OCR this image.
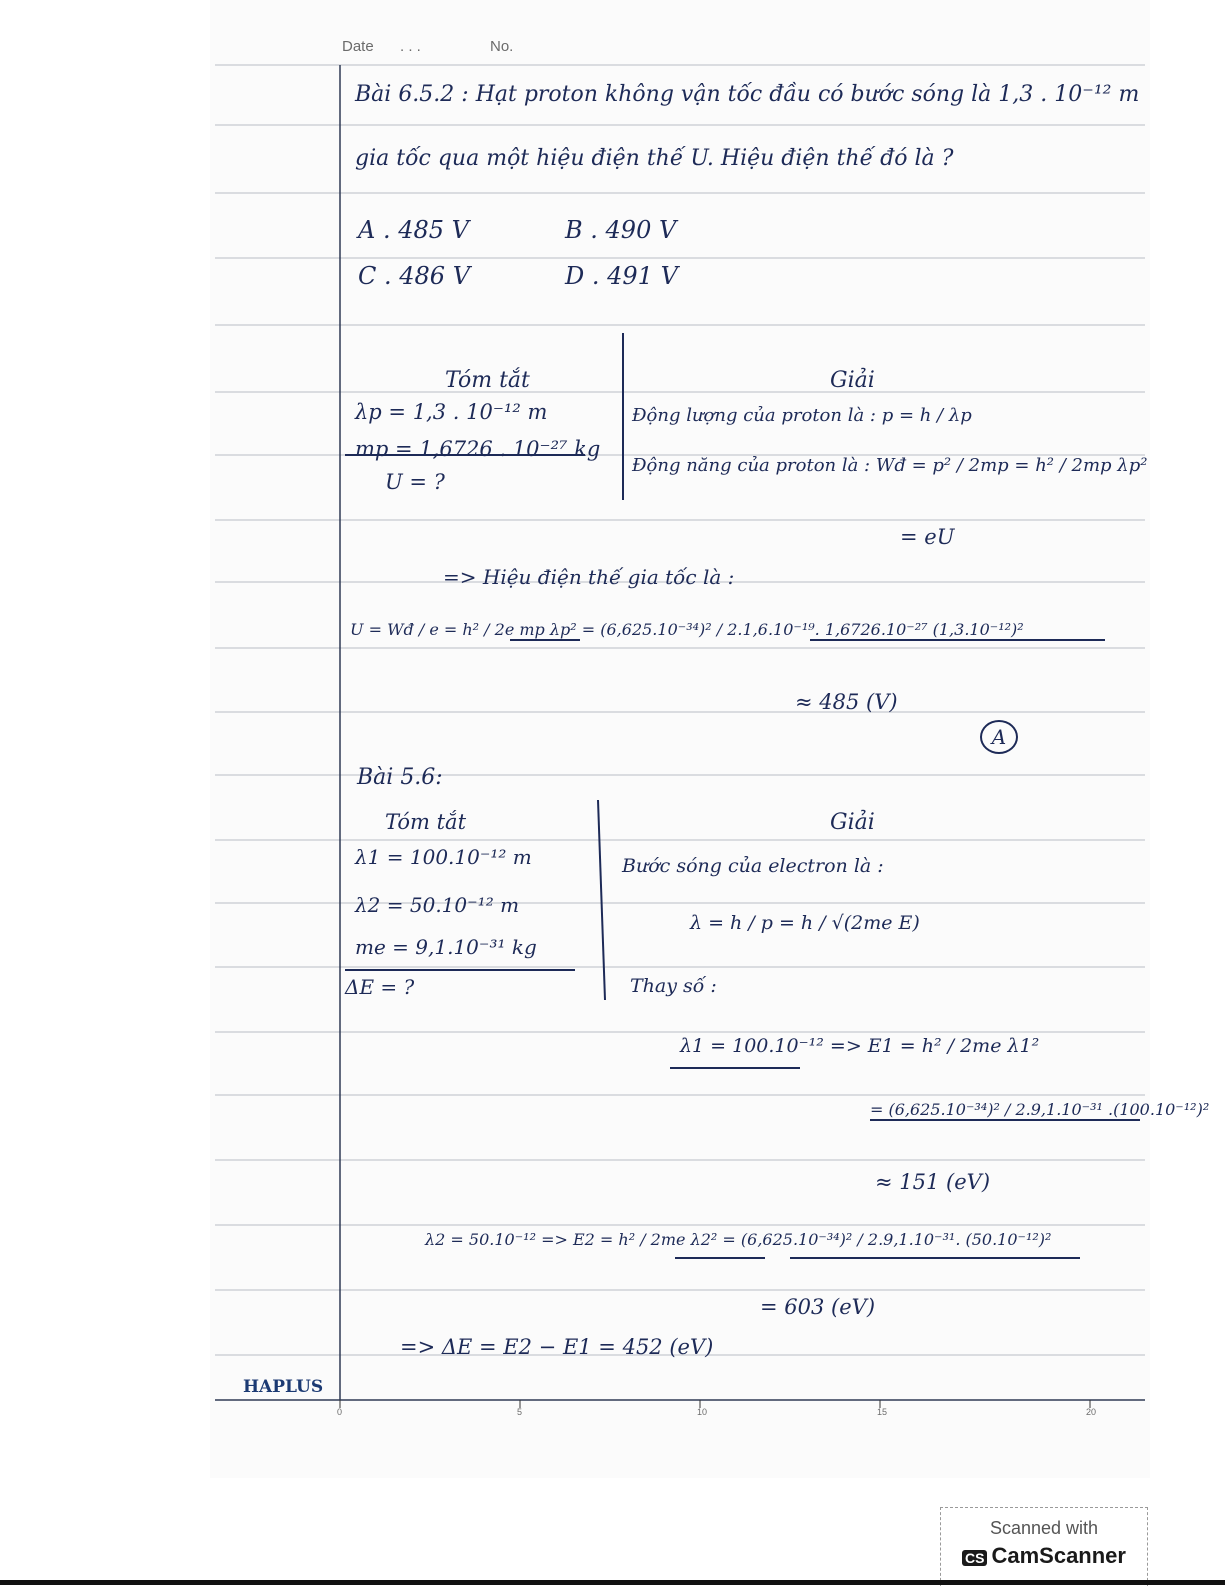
Date . . .	No.
Bài 6.5.2 : Hạt proton không vận tốc đầu có bước sóng là 1,3 . 10⁻¹² m
gia tốc qua một hiệu điện thế U. Hiệu điện thế đó là ?
A . 485 V	B . 490 V
C . 486 V	D . 491 V
Tóm tắt
λp = 1,3 . 10⁻¹² m
mp = 1,6726 . 10⁻²⁷ kg
U = ?
Giải
Động lượng của proton là : p = h / λp
Động năng của proton là : Wđ = p² / 2mp = h² / 2mp λp²
= eU
=> Hiệu điện thế gia tốc là :
U = Wđ / e = h² / 2e mp λp² = (6,625.10⁻³⁴)² / 2.1,6.10⁻¹⁹. 1,6726.10⁻²⁷ (1,3.10⁻¹²)²
≈ 485 (V)
A
Bài 5.6:
Tóm tắt
λ1 = 100.10⁻¹² m
λ2 = 50.10⁻¹² m
me = 9,1.10⁻³¹ kg
ΔE = ?
Giải
Bước sóng của electron là :
λ = h / p = h / √(2me E)
Thay số :
λ1 = 100.10⁻¹² => E1 = h² / 2me λ1²
= (6,625.10⁻³⁴)² / 2.9,1.10⁻³¹ .(100.10⁻¹²)²
≈ 151 (eV)
λ2 = 50.10⁻¹² => E2 = h² / 2me λ2² = (6,625.10⁻³⁴)² / 2.9,1.10⁻³¹. (50.10⁻¹²)²
= 603 (eV)
=> ΔE = E2 − E1 = 452 (eV)
0	5	10	15	20
HAPLUS
Scanned with
CS CamScanner
